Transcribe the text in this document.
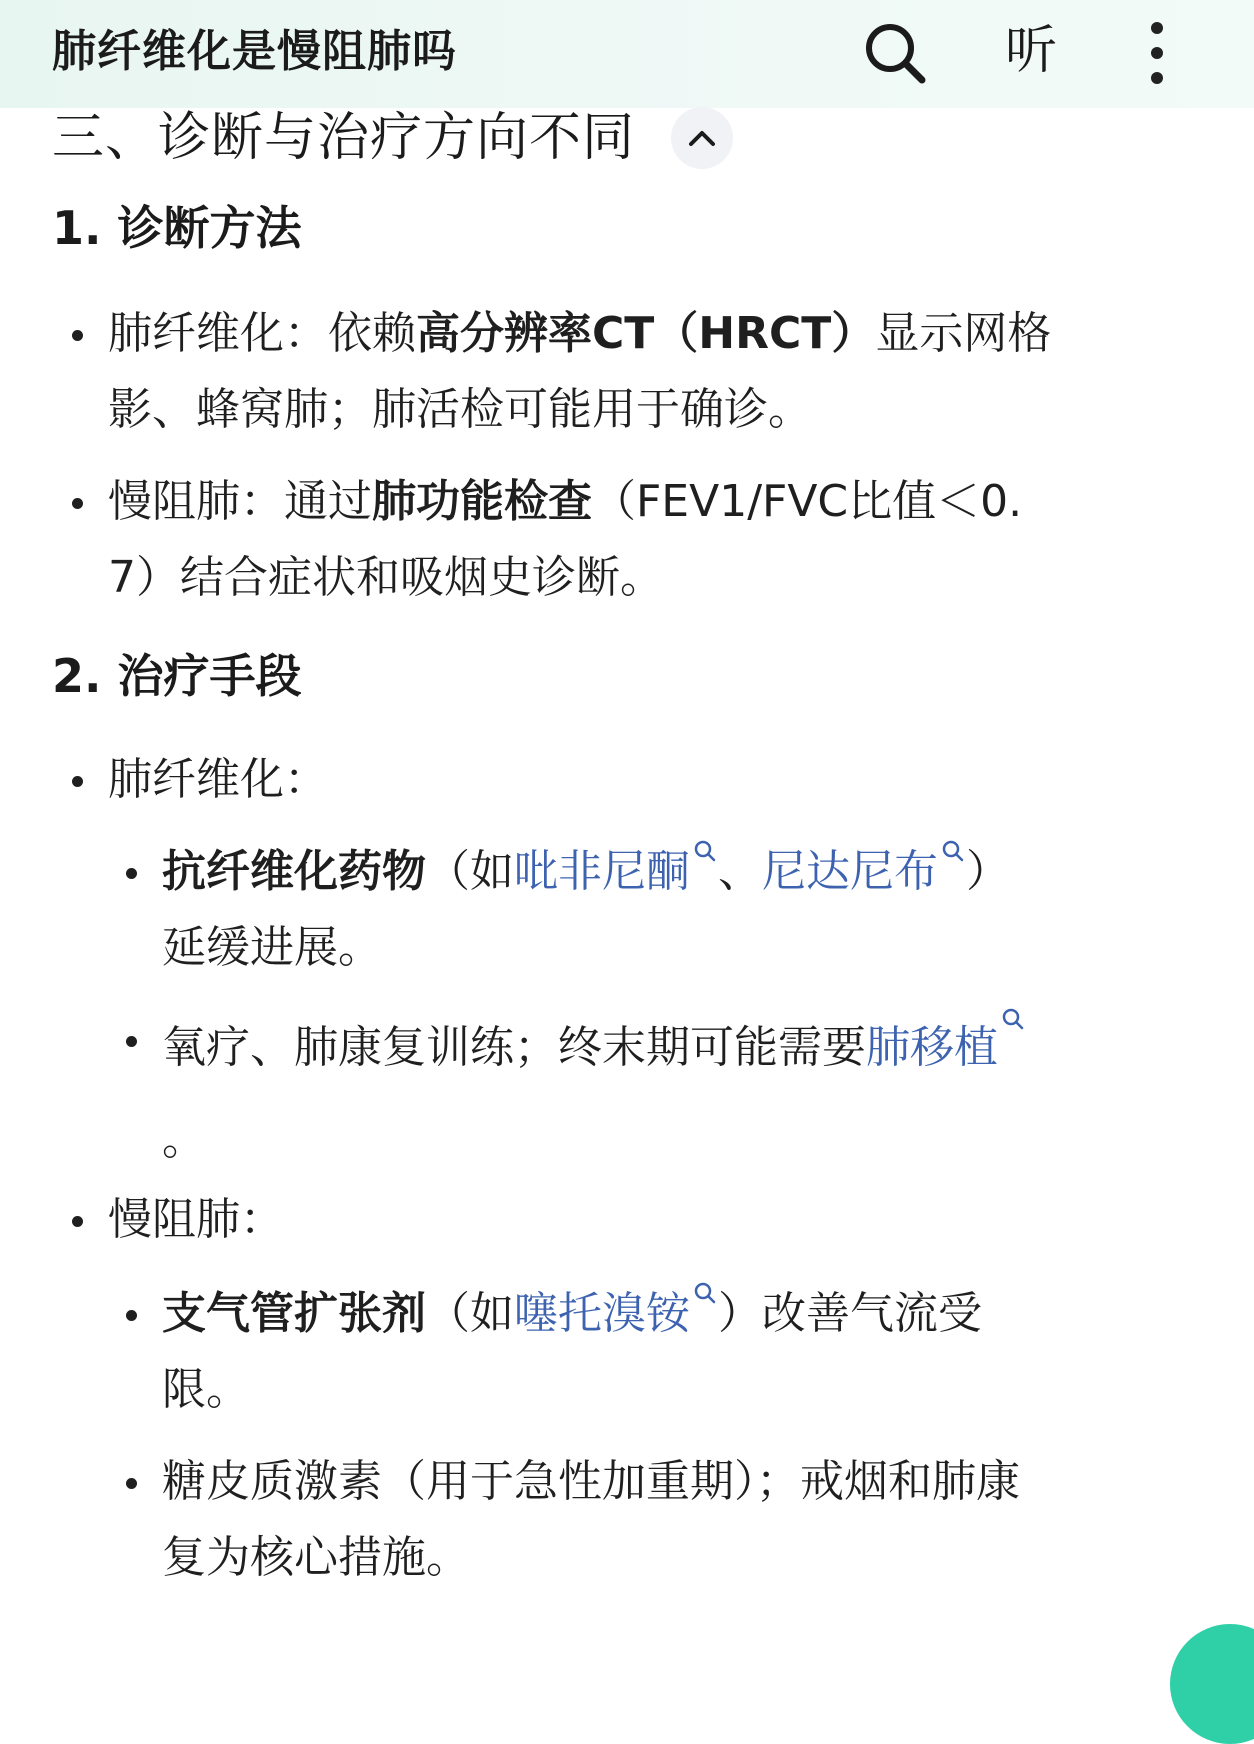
肺纤维化是慢阻肺吗	听
三、诊断与治疗方向不同
1. 诊断方法
肺纤维化：依赖高分辨率CT（HRCT）显示网格
影、蜂窝肺；肺活检可能用于确诊。
慢阻肺：通过肺功能检查（FEV1/FVC比值＜0.
7）结合症状和吸烟史诊断。
2. 治疗手段
肺纤维化：
抗纤维化药物（如吡非尼酮 、尼达尼布 ）
延缓进展。
氧疗、肺康复训练；终末期可能需要肺移植
。
慢阻肺：
支气管扩张剂（如噻托溴铵 ）改善气流受
限。
糖皮质激素（用于急性加重期）；戒烟和肺康
复为核心措施。
